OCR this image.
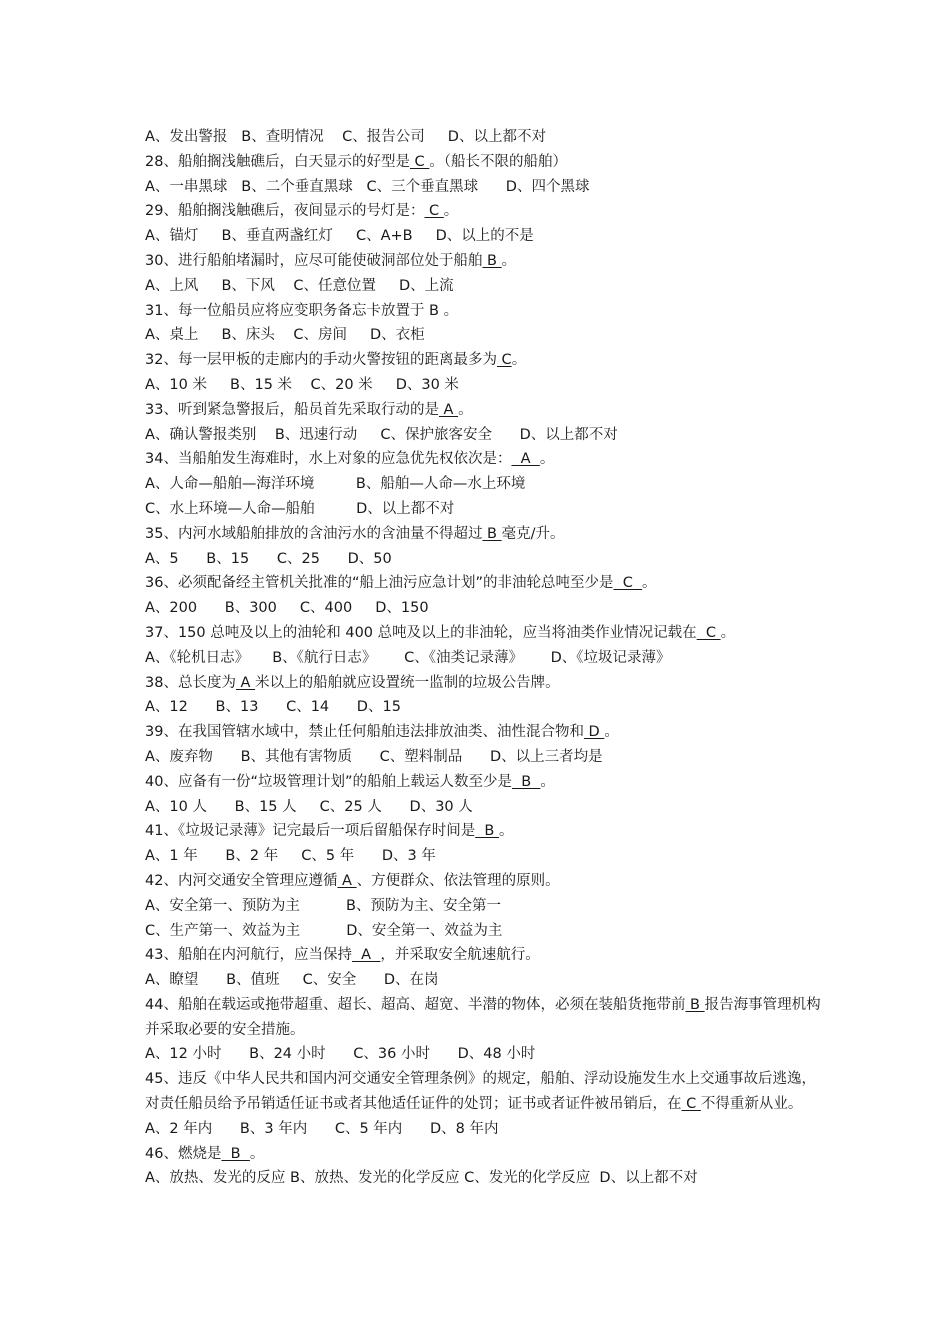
A、发出警报   B、查明情况    C、报告公司     D、以上都不对
28、船舶搁浅触礁后，白天显示的好型是 C 。（船长不限的船舶）
A、一串黑球   B、二个垂直黑球   C、三个垂直黑球      D、四个黑球
29、船舶搁浅触礁后，夜间显示的号灯是： C 。
A、锚灯     B、垂直两盏红灯     C、A+B     D、以上的不是
30、进行船舶堵漏时，应尽可能使破洞部位处于船舶 B 。
A、上风     B、下风    C、任意位置     D、上流
31、每一位船员应将应变职务备忘卡放置于 B 。
A、桌上     B、床头    C、房间     D、衣柜
32、每一层甲板的走廊内的手动火警按钮的距离最多为 C。
A、10 米     B、15 米    C、20 米     D、30 米
33、听到紧急警报后，船员首先采取行动的是 A 。
A、确认警报类别    B、迅速行动     C、保护旅客安全      D、以上都不对
34、当船舶发生海难时，水上对象的应急优先权依次是：  A  。
A、人命—船舶—海洋环境         B、船舶—人命—水上环境
C、水上环境—人命—船舶         D、以上都不对
35、内河水域船舶排放的含油污水的含油量不得超过 B 毫克/升。
A、5      B、15      C、25      D、50
36、必须配备经主管机关批准的“船上油污应急计划”的非油轮总吨至少是  C  。
A、200      B、300     C、400     D、150
37、150 总吨及以上的油轮和 400 总吨及以上的非油轮，应当将油类作业情况记载在  C 。
A、《轮机日志》     B、《航行日志》      C、《油类记录薄》      D、《垃圾记录薄》
38、总长度为 A 米以上的船舶就应设置统一监制的垃圾公告牌。
A、12      B、13      C、14      D、15
39、在我国管辖水域中，禁止任何船舶违法排放油类、油性混合物和 D 。
A、废弃物      B、其他有害物质      C、塑料制品      D、以上三者均是
40、应备有一份“垃圾管理计划”的船舶上载运人数至少是  B  。
A、10 人      B、15 人     C、25 人      D、30 人
41、《垃圾记录薄》记完最后一项后留船保存时间是  B 。
A、1 年      B、2 年     C、5 年      D、3 年
42、内河交通安全管理应遵循 A 、方便群众、依法管理的原则。
A、安全第一、预防为主          B、预防为主、安全第一
C、生产第一、效益为主          D、安全第一、效益为主
43、船舶在内河航行，应当保持  A  ，并采取安全航速航行。
A、瞭望      B、值班     C、安全      D、在岗
44、船舶在载运或拖带超重、超长、超高、超宽、半潜的物体，必须在装船货拖带前 B 报告海事管理机构并采取必要的安全措施。
A、12 小时      B、24 小时      C、36 小时      D、48 小时
45、违反《中华人民共和国内河交通安全管理条例》的规定，船舶、浮动设施发生水上交通事故后逃逸，对责任船员给予吊销适任证书或者其他适任证件的处罚；证书或者证件被吊销后，在 C 不得重新从业。
A、2 年内      B、3 年内      C、5 年内      D、8 年内
46、燃烧是  B  。
A、放热、发光的反应 B、放热、发光的化学反应 C、发光的化学反应  D、以上都不对
